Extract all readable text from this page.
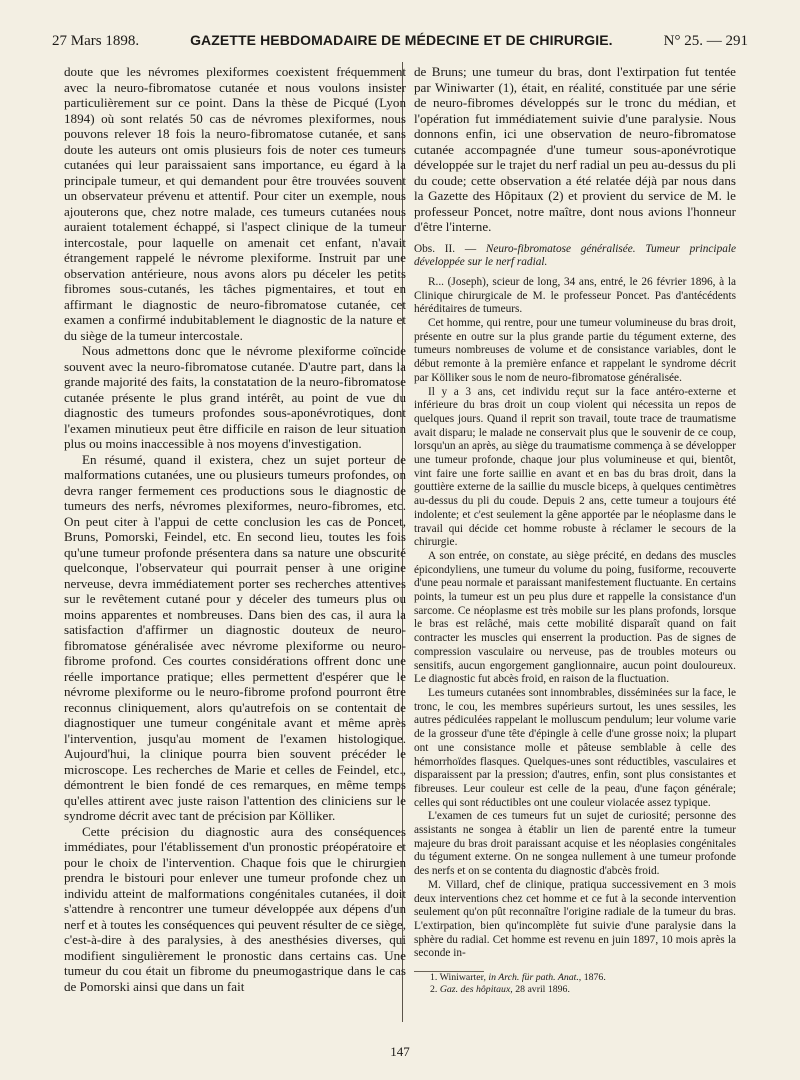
27 Mars 1898.	GAZETTE HEBDOMADAIRE DE MÉDECINE ET DE CHIRURGIE.	N° 25. — 291

doute que les névromes plexiformes coexistent fréquemment avec la neuro-fibromatose cutanée et nous voulons insister particulièrement sur ce point. Dans la thèse de Picqué (Lyon 1894) où sont relatés 50 cas de névromes plexiformes, nous pouvons relever 18 fois la neuro-fibromatose cutanée, et sans doute les auteurs ont omis plusieurs fois de noter ces tumeurs cutanées qui leur paraissaient sans importance, eu égard à la principale tumeur, et qui demandent pour être trouvées souvent un observateur prévenu et attentif. Pour citer un exemple, nous ajouterons que, chez notre malade, ces tumeurs cutanées nous auraient totalement échappé, si l'aspect clinique de la tumeur intercostale, pour laquelle on amenait cet enfant, n'avait étrangement rappelé le névrome plexiforme. Instruit par une observation antérieure, nous avons alors pu déceler les petits fibromes sous-cutanés, les tâches pigmentaires, et tout en affirmant le diagnostic de neuro-fibromatose cutanée, cet examen a confirmé indubitablement le diagnostic de la nature et du siège de la tumeur intercostale.

Nous admettons donc que le névrome plexiforme coïncide souvent avec la neuro-fibromatose cutanée. D'autre part, dans la grande majorité des faits, la constatation de la neuro-fibromatose cutanée présente le plus grand intérêt, au point de vue du diagnostic des tumeurs profondes sous-aponévrotiques, dont l'examen minutieux peut être difficile en raison de leur situation plus ou moins inaccessible à nos moyens d'investigation.

En résumé, quand il existera, chez un sujet porteur de malformations cutanées, une ou plusieurs tumeurs profondes, on devra ranger fermement ces productions sous le diagnostic de tumeurs des nerfs, névromes plexiformes, neuro-fibromes, etc. On peut citer à l'appui de cette conclusion les cas de Poncet, Bruns, Pomorski, Feindel, etc. En second lieu, toutes les fois qu'une tumeur profonde présentera dans sa nature une obscurité quelconque, l'observateur qui pourrait penser à une origine nerveuse, devra immédiatement porter ses recherches attentives sur le revêtement cutané pour y déceler des tumeurs plus ou moins apparentes et nombreuses. Dans bien des cas, il aura la satisfaction d'affirmer un diagnostic douteux de neuro-fibromatose généralisée avec névrome plexiforme ou neuro-fibrome profond. Ces courtes considérations offrent donc une réelle importance pratique; elles permettent d'espérer que le névrome plexiforme ou le neuro-fibrome profond pourront être reconnus cliniquement, alors qu'autrefois on se contentait de diagnostiquer une tumeur congénitale avant et même après l'intervention, jusqu'au moment de l'examen histologique. Aujourd'hui, la clinique pourra bien souvent précéder le microscope. Les recherches de Marie et celles de Feindel, etc., démontrent le bien fondé de ces remarques, en même temps qu'elles attirent avec juste raison l'attention des cliniciens sur le syndrome décrit avec tant de précision par Kölliker.

Cette précision du diagnostic aura des conséquences immédiates, pour l'établissement d'un pronostic préopératoire et pour le choix de l'intervention. Chaque fois que le chirurgien prendra le bistouri pour enlever une tumeur profonde chez un individu atteint de malformations congénitales cutanées, il doit s'attendre à rencontrer une tumeur développée aux dépens d'un nerf et à toutes les conséquences qui peuvent résulter de ce siège, c'est-à-dire à des paralysies, à des anesthésies diverses, qui modifient singulièrement le pronostic dans certains cas. Une tumeur du cou était un fibrome du pneumogastrique dans le cas de Pomorski ainsi que dans un fait

de Bruns; une tumeur du bras, dont l'extirpation fut tentée par Winiwarter (1), était, en réalité, constituée par une série de neuro-fibromes développés sur le tronc du médian, et l'opération fut immédiatement suivie d'une paralysie. Nous donnons enfin, ici une observation de neuro-fibromatose cutanée accompagnée d'une tumeur sous-aponévrotique développée sur le trajet du nerf radial un peu au-dessus du pli du coude; cette observation a été relatée déjà par nous dans la Gazette des Hôpitaux (2) et provient du service de M. le professeur Poncet, notre maître, dont nous avions l'honneur d'être l'interne.

Obs. II. — Neuro-fibromatose généralisée. Tumeur principale développée sur le nerf radial.

R... (Joseph), scieur de long, 34 ans, entré, le 26 février 1896, à la Clinique chirurgicale de M. le professeur Poncet. Pas d'antécédents héréditaires de tumeurs.

Cet homme, qui rentre, pour une tumeur volumineuse du bras droit, présente en outre sur la plus grande partie du tégument externe, des tumeurs nombreuses de volume et de consistance variables, dont le début remonte à la première enfance et rappelant le syndrome décrit par Kölliker sous le nom de neuro-fibromatose généralisée.

Il y a 3 ans, cet individu reçut sur la face antéro-externe et inférieure du bras droit un coup violent qui nécessita un repos de quelques jours. Quand il reprit son travail, toute trace de traumatisme avait disparu; le malade ne conservait plus que le souvenir de ce coup, lorsqu'un an après, au siège du traumatisme commença à se développer une tumeur profonde, chaque jour plus volumineuse et qui, bientôt, vint faire une forte saillie en avant et en bas du bras droit, dans la gouttière externe de la saillie du muscle biceps, à quelques centimètres au-dessus du pli du coude. Depuis 2 ans, cette tumeur a toujours été indolente; et c'est seulement la gêne apportée par le néoplasme dans le travail qui décide cet homme robuste à réclamer le secours de la chirurgie.

A son entrée, on constate, au siège précité, en dedans des muscles épicondyliens, une tumeur du volume du poing, fusiforme, recouverte d'une peau normale et paraissant manifestement fluctuante. En certains points, la tumeur est un peu plus dure et rappelle la consistance d'un sarcome. Ce néoplasme est très mobile sur les plans profonds, lorsque le bras est relâché, mais cette mobilité disparaît quand on fait contracter les muscles qui enserrent la production. Pas de signes de compression vasculaire ou nerveuse, pas de troubles moteurs ou sensitifs, aucun engorgement ganglionnaire, aucun point douloureux. Le diagnostic fut abcès froid, en raison de la fluctuation.

Les tumeurs cutanées sont innombrables, disséminées sur la face, le tronc, le cou, les membres supérieurs surtout, les unes sessiles, les autres pédiculées rappelant le molluscum pendulum; leur volume varie de la grosseur d'une tête d'épingle à celle d'une grosse noix; la plupart ont une consistance molle et pâteuse semblable à celle des hémorrhoïdes flasques. Quelques-unes sont réductibles, vasculaires et disparaissent par la pression; d'autres, enfin, sont plus consistantes et fibreuses. Leur couleur est celle de la peau, d'une façon générale; celles qui sont réductibles ont une couleur violacée assez typique.

L'examen de ces tumeurs fut un sujet de curiosité; personne des assistants ne songea à établir un lien de parenté entre la tumeur majeure du bras droit paraissant acquise et les néoplasies congénitales du tégument externe. On ne songea nullement à une tumeur profonde des nerfs et on se contenta du diagnostic d'abcès froid.

M. Villard, chef de clinique, pratiqua successivement en 3 mois deux interventions chez cet homme et ce fut à la seconde intervention seulement qu'on pût reconnaître l'origine radiale de la tumeur du bras. L'extirpation, bien qu'incomplète fut suivie d'une paralysie dans la sphère du radial. Cet homme est revenu en juin 1897, 10 mois après la seconde in-

1. Winiwarter, in Arch. für path. Anat., 1876.

2. Gaz. des hôpitaux, 28 avril 1896.

147
